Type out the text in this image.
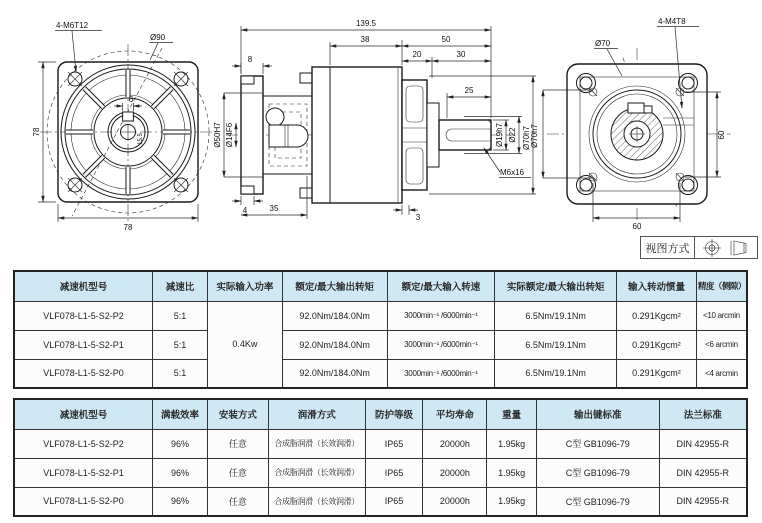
78
78
6
15.5
4-M6T12
Ø90
139.5
38	50
20	30
25
8
4	35
3
Ø50H7 Ø14F6	Ø19h7 Ø22 Ø70h7
M6x16
60
60
Ø70h7
Ø70
4-M4T8
视图方式
减速机型号	减速比	实际输入功率	额定/最大输出转矩	额定/最大输入转速	实际额定/最大输出转矩	输入转动惯量	精度（侧隙）
VLF078-L1-5-S2-P2	5:1	0.4Kw	92.0Nm/184.0Nm	3000min⁻¹ /6000min⁻¹	6.5Nm/19.1Nm	0.291Kgcm²	<10 arcmin
VLF078-L1-5-S2-P1	5:1		92.0Nm/184.0Nm	3000min⁻¹ /6000min⁻¹	6.5Nm/19.1Nm	0.291Kgcm²	<6 arcmin
VLF078-L1-5-S2-P0	5:1		92.0Nm/184.0Nm	3000min⁻¹ /6000min⁻¹	6.5Nm/19.1Nm	0.291Kgcm²	<4 arcmin
减速机型号	满载效率	安装方式	润滑方式	防护等级	平均寿命	重量	输出键标准	法兰标准
VLF078-L1-5-S2-P2	96%	任意	合成脂润滑（长效润滑）	IP65	20000h	1.95kg	C型 GB1096-79	DIN 42955-R
VLF078-L1-5-S2-P1	96%	任意	合成脂润滑（长效润滑）	IP65	20000h	1.95kg	C型 GB1096-79	DIN 42955-R
VLF078-L1-5-S2-P0	96%	任意	合成脂润滑（长效润滑）	IP65	20000h	1.95kg	C型 GB1096-79	DIN 42955-R
